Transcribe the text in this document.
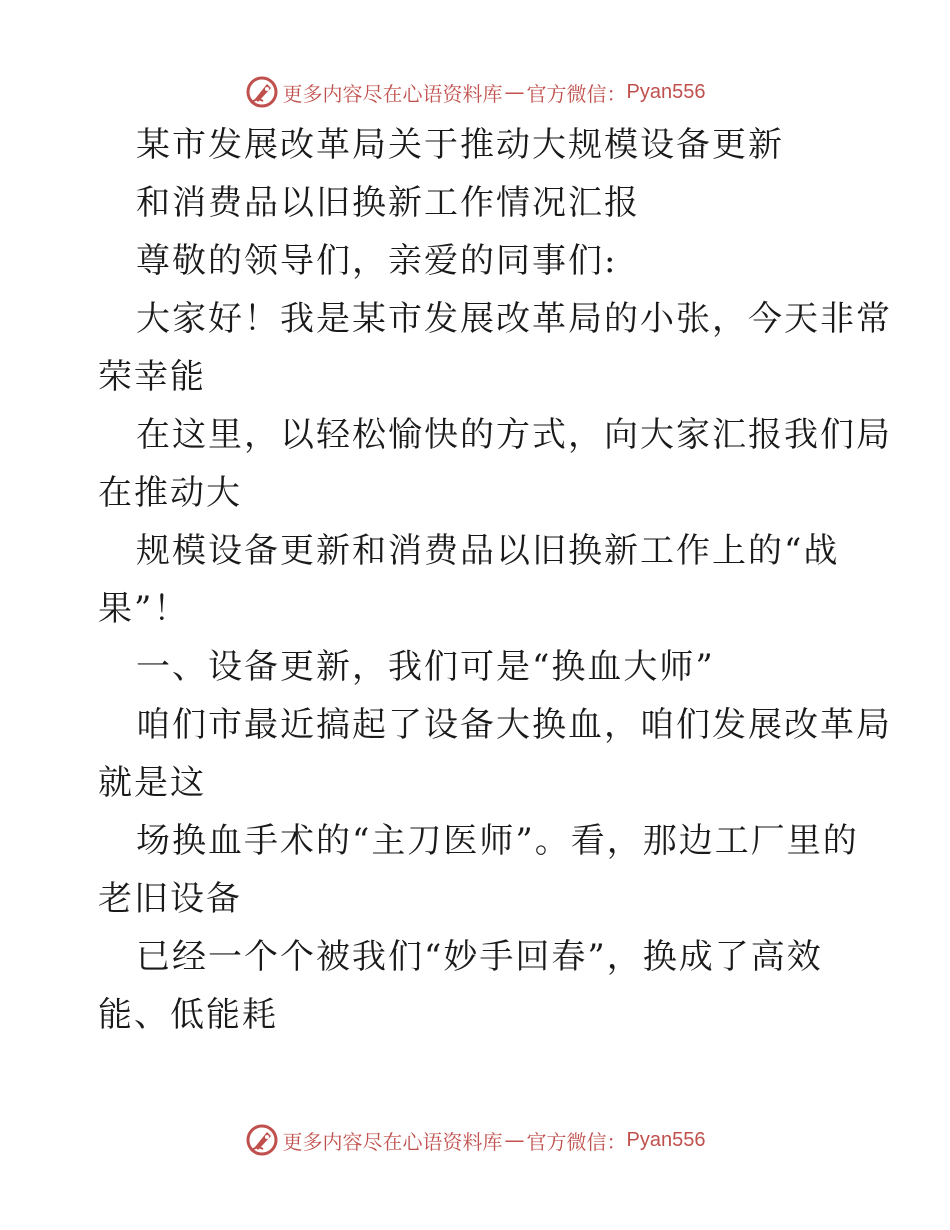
更多内容尽在心语资料库 — 官方微信： Pyan556
某市发展改革局关于推动大规模设备更新
和消费品以旧换新工作情况汇报
尊敬的领导们，亲爱的同事们:
大家好！我是某市发展改革局的小张，今天非常
荣幸能
在这里，以轻松愉快的方式，向大家汇报我们局
在推动大
规模设备更新和消费品以旧换新工作上的“战
果”！
一、设备更新，我们可是“换血大师”
咱们市最近搞起了设备大换血，咱们发展改革局
就是这
场换血手术的“主刀医师”。看，那边工厂里的
老旧设备
已经一个个被我们“妙手回春”，换成了高效
能、低能耗
更多内容尽在心语资料库 — 官方微信： Pyan556
